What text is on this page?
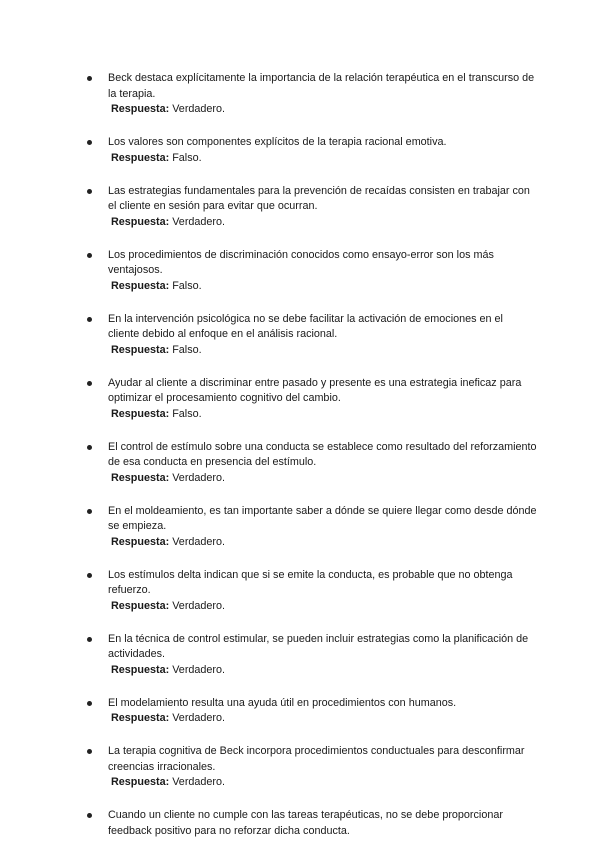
Beck destaca explícitamente la importancia de la relación terapéutica en el transcurso de la terapia.
Respuesta: Verdadero.
Los valores son componentes explícitos de la terapia racional emotiva.
Respuesta: Falso.
Las estrategias fundamentales para la prevención de recaídas consisten en trabajar con el cliente en sesión para evitar que ocurran.
Respuesta: Verdadero.
Los procedimientos de discriminación conocidos como ensayo-error son los más ventajosos.
Respuesta: Falso.
En la intervención psicológica no se debe facilitar la activación de emociones en el cliente debido al enfoque en el análisis racional.
Respuesta: Falso.
Ayudar al cliente a discriminar entre pasado y presente es una estrategia ineficaz para optimizar el procesamiento cognitivo del cambio.
Respuesta: Falso.
El control de estímulo sobre una conducta se establece como resultado del reforzamiento de esa conducta en presencia del estímulo.
Respuesta: Verdadero.
En el moldeamiento, es tan importante saber a dónde se quiere llegar como desde dónde se empieza.
Respuesta: Verdadero.
Los estímulos delta indican que si se emite la conducta, es probable que no obtenga refuerzo.
Respuesta: Verdadero.
En la técnica de control estimular, se pueden incluir estrategias como la planificación de actividades.
Respuesta: Verdadero.
El modelamiento resulta una ayuda útil en procedimientos con humanos.
Respuesta: Verdadero.
La terapia cognitiva de Beck incorpora procedimientos conductuales para desconfirmar creencias irracionales.
Respuesta: Verdadero.
Cuando un cliente no cumple con las tareas terapéuticas, no se debe proporcionar feedback positivo para no reforzar dicha conducta.
